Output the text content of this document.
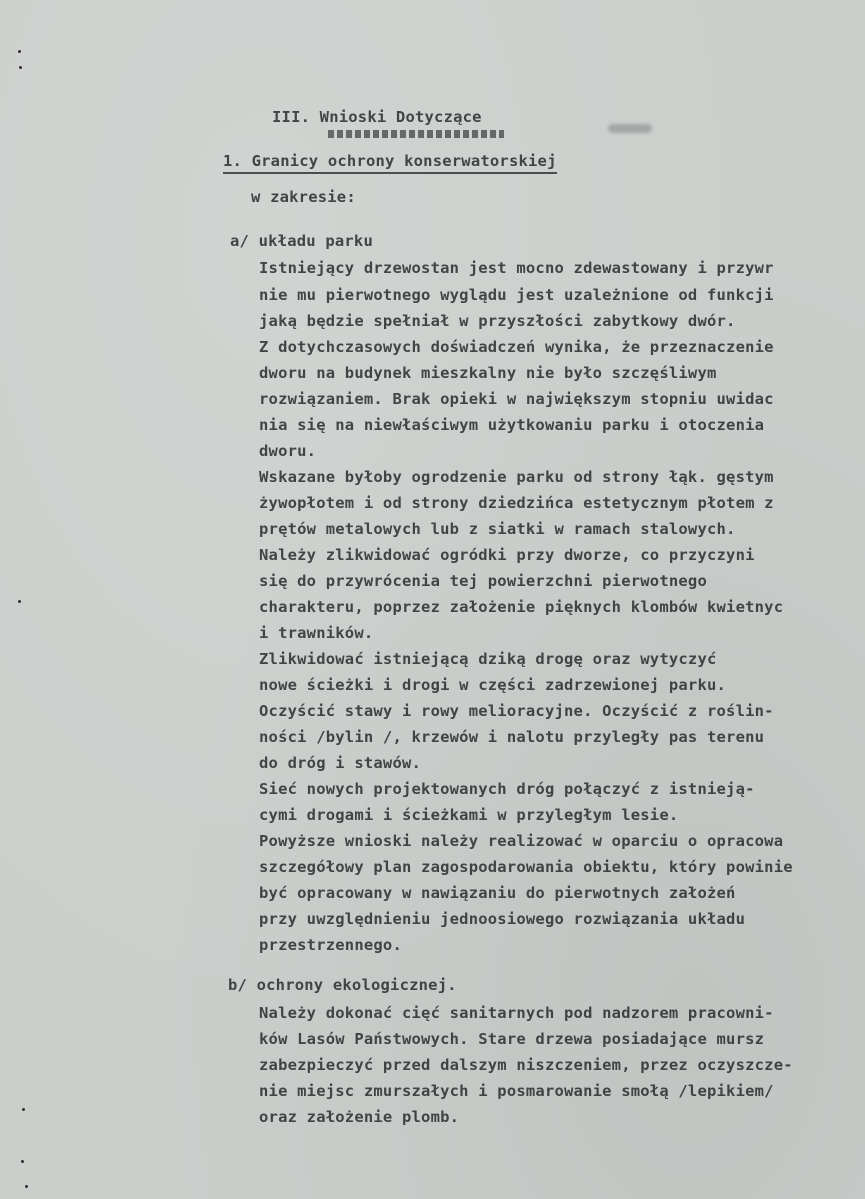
III. Wnioski Dotyczące
1. Granicy ochrony konserwatorskiej
w zakresie:
a/ układu parku
Istniejący drzewostan jest mocno zdewastowany i przywr
nie mu pierwotnego wyglądu jest uzależnione od funkcji
jaką będzie spełniał w przyszłości zabytkowy dwór.
Z dotychczasowych doświadczeń wynika, że przeznaczenie
dworu na budynek mieszkalny nie było szczęśliwym
rozwiązaniem. Brak opieki w największym stopniu uwidac
nia się na niewłaściwym użytkowaniu parku i otoczenia
dworu.
Wskazane byłoby ogrodzenie parku od strony łąk. gęstym
żywopłotem i od strony dziedzińca estetycznym płotem z
prętów metalowych lub z siatki w ramach stalowych.
Należy zlikwidować ogródki przy dworze, co przyczyni
się do przywrócenia tej powierzchni pierwotnego
charakteru, poprzez założenie pięknych klombów kwietnyc
i trawników.
Zlikwidować istniejącą dziką drogę oraz wytyczyć
nowe ścieżki i drogi w części zadrzewionej parku.
Oczyścić stawy i rowy melioracyjne. Oczyścić z roślin-
ności /bylin /, krzewów i nalotu przyległy pas terenu
do dróg i stawów.
Sieć nowych projektowanych dróg połączyć z istnieją-
cymi drogami i ścieżkami w przyległym lesie.
Powyższe wnioski należy realizować w oparciu o opracowa
szczegółowy plan zagospodarowania obiektu, który powinie
być opracowany w nawiązaniu do pierwotnych założeń
przy uwzględnieniu jednoosiowego rozwiązania układu
przestrzennego.
b/ ochrony ekologicznej.
Należy dokonać cięć sanitarnych pod nadzorem pracowni-
ków Lasów Państwowych. Stare drzewa posiadające mursz
zabezpieczyć przed dalszym niszczeniem, przez oczyszcze-
nie miejsc zmurszałych i posmarowanie smołą /lepikiem/
oraz założenie plomb.
